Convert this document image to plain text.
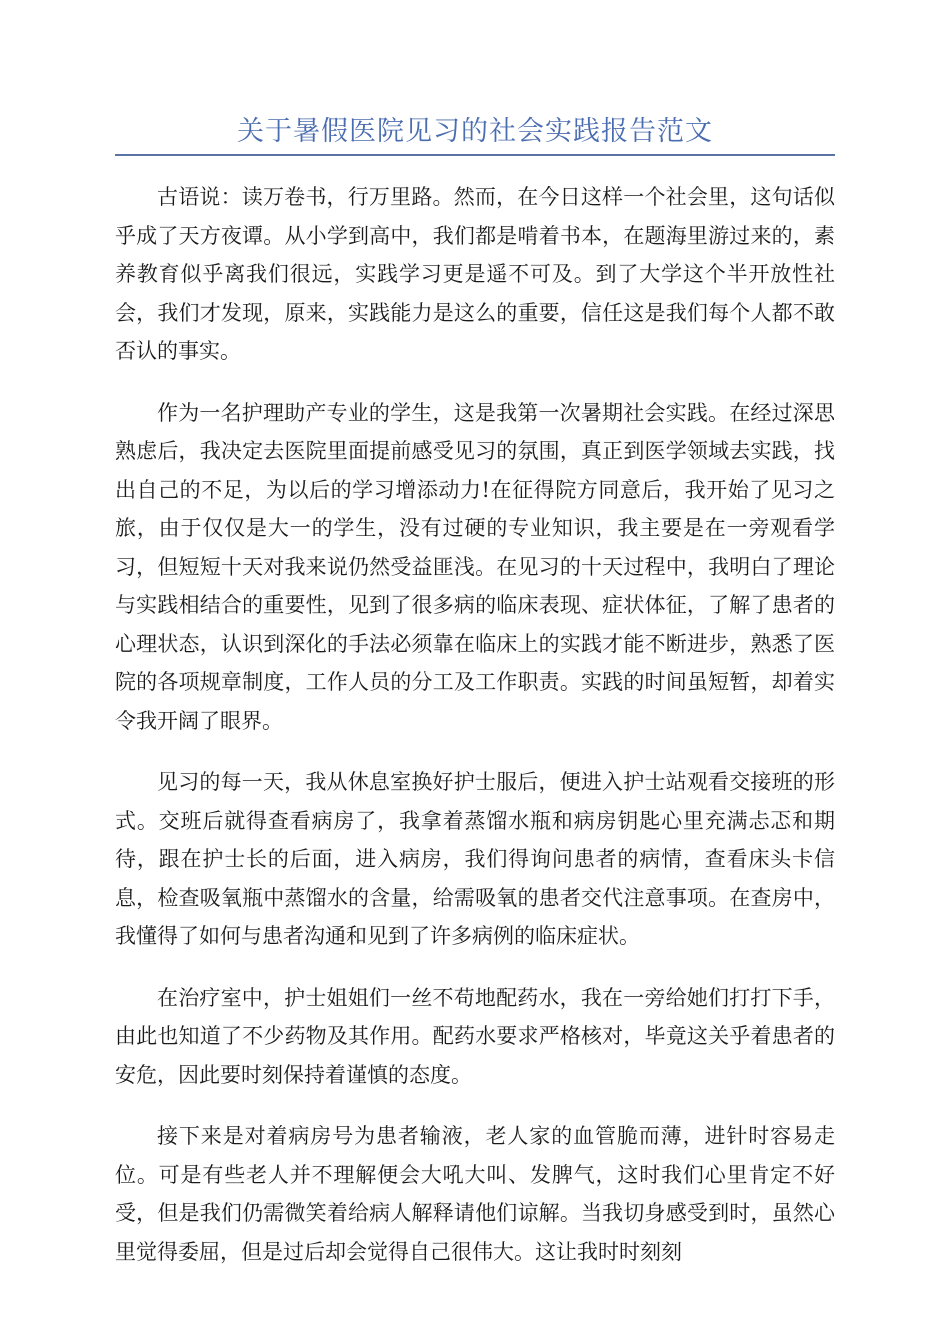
关于暑假医院见习的社会实践报告范文

古语说：读万卷书，行万里路。然而，在今日这样一个社会里，这句话似乎成了天方夜谭。从小学到高中，我们都是啃着书本，在题海里游过来的，素养教育似乎离我们很远，实践学习更是遥不可及。到了大学这个半开放性社会，我们才发现，原来，实践能力是这么的重要，信任这是我们每个人都不敢否认的事实。

作为一名护理助产专业的学生，这是我第一次暑期社会实践。在经过深思熟虑后，我决定去医院里面提前感受见习的氛围，真正到医学领域去实践，找出自己的不足，为以后的学习增添动力!在征得院方同意后，我开始了见习之旅，由于仅仅是大一的学生，没有过硬的专业知识，我主要是在一旁观看学习，但短短十天对我来说仍然受益匪浅。在见习的十天过程中，我明白了理论与实践相结合的重要性，见到了很多病的临床表现、症状体征，了解了患者的心理状态，认识到深化的手法必须靠在临床上的实践才能不断进步，熟悉了医院的各项规章制度，工作人员的分工及工作职责。实践的时间虽短暂，却着实令我开阔了眼界。

见习的每一天，我从休息室换好护士服后，便进入护士站观看交接班的形式。交班后就得查看病房了，我拿着蒸馏水瓶和病房钥匙心里充满忐忑和期待，跟在护士长的后面，进入病房，我们得询问患者的病情，查看床头卡信息，检查吸氧瓶中蒸馏水的含量，给需吸氧的患者交代注意事项。在查房中，我懂得了如何与患者沟通和见到了许多病例的临床症状。

在治疗室中，护士姐姐们一丝不苟地配药水，我在一旁给她们打打下手，由此也知道了不少药物及其作用。配药水要求严格核对，毕竟这关乎着患者的安危，因此要时刻保持着谨慎的态度。

接下来是对着病房号为患者输液，老人家的血管脆而薄，进针时容易走位。可是有些老人并不理解便会大吼大叫、发脾气，这时我们心里肯定不好受，但是我们仍需微笑着给病人解释请他们谅解。当我切身感受到时，虽然心里觉得委屈，但是过后却会觉得自己很伟大。这让我时时刻刻
